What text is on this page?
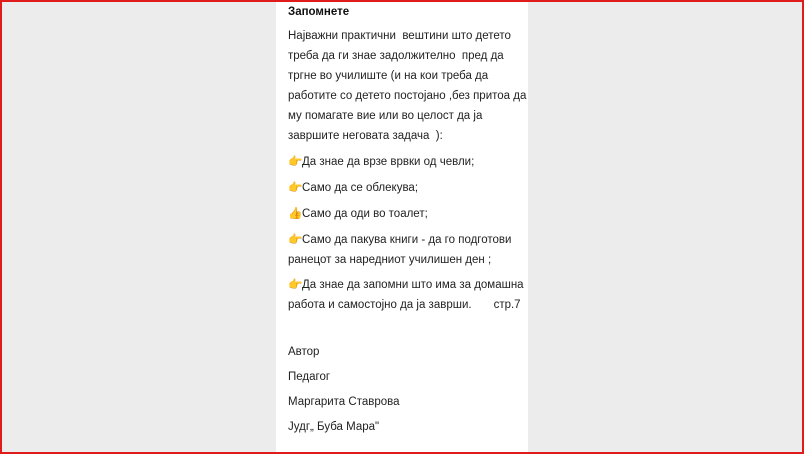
Запомнете

Најважни практични  вештини што детето
треба да ги знае задолжително  пред да
тргне во училиште (и на кои треба да
работите со детето постојано ,без притоа да
му помагате вие или во целост да ја
завршите неговата задача  ):

👉Да знае да врзе врвки од чевли;
👉Само да се облекува;
👍Само да оди во тоалет;
👉Само да пакува книги - да го подготови
ранецот за наредниот училишен ден ;
👉Да знае да запомни што има за домашна
работа и самостојно да ја заврши. стр.7
Автор
Педагог
Маргарита Ставрова
Јудг„ Буба Мара"
